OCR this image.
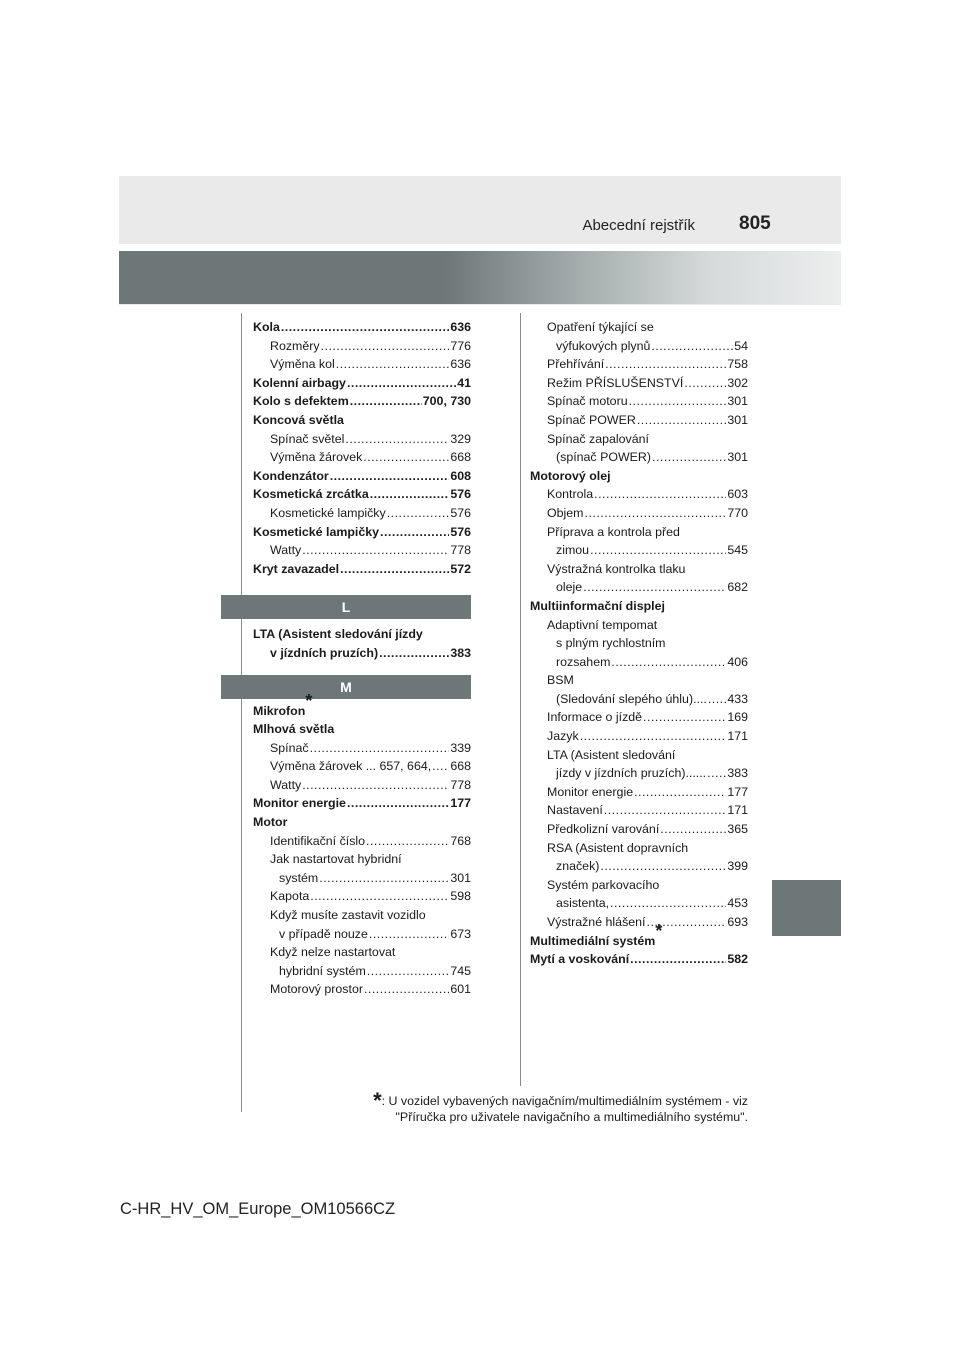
Abecední rejstřík 805
Kola .....	636
Rozměry .....	776
Výměna kol .....	636
Kolenní airbagy .....	41
Kolo s defektem .....	700, 730
Koncová světla
Spínač světel .....	329
Výměna žárovek .....	668
Kondenzátor .....	608
Kosmetická zrcátka .....	576
Kosmetické lampičky .....	576
Kosmetické lampičky .....	576
Watty .....	778
Kryt zavazadel .....	572
L
LTA (Asistent sledování jízdy
v jízdních pruzích) .....	383
M
Mikrofon*
Mlhová světla
Spínač .....	339
Výměna žárovek ... 657, 664, ..... 668
Watty .....	778
Monitor energie .....	177
Motor
Identifikační číslo .....	768
Jak nastartovat hybridní
systém .....	301
Kapota .....	598
Když musíte zastavit vozidlo
v případě nouze .....	673
Když nelze nastartovat
hybridní systém .....	745
Motorový prostor .....	601
Opatření týkající se
výfukových plynů .....	54
Přehřívání .....	758
Režim PŘÍSLUŠENSTVÍ .....	302
Spínač motoru .....	301
Spínač POWER .....	301
Spínač zapalování
(spínač POWER) .....	301
Motorový olej
Kontrola .....	603
Objem .....	770
Příprava a kontrola před
zimou .....	545
Výstražná kontrolka tlaku
oleje .....	682
Multiinformační displej
Adaptivní tempomat
s plným rychlostním
rozsahem .....	406
BSM
(Sledování slepého úhlu).... ..... 433
Informace o jízdě .....	169
Jazyk .....	171
LTA (Asistent sledování
jízdy v jízdních pruzích)...... ..... 383
Monitor energie .....	177
Nastavení .....	171
Předkolizní varování .....	365
RSA (Asistent dopravních
značek) .....	399
Systém parkovacího
asistenta, .....	453
Výstražné hlášení .....	693
Multimediální systém*
Mytí a voskování .....	582
*: U vozidel vybavených navigačním/multimediálním systémem - viz
"Příručka pro uživatele navigačního a multimediálního systému".
C-HR_HV_OM_Europe_OM10566CZ
